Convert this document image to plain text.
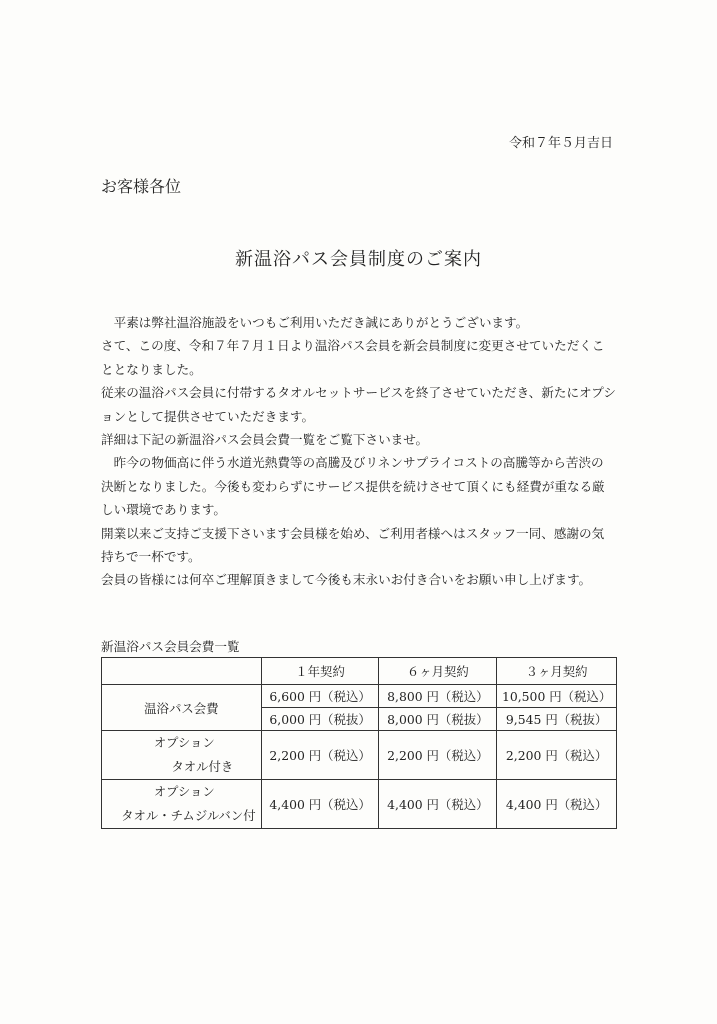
令和７年５月吉日
お客様各位
新温浴パス会員制度のご案内

平素は弊社温浴施設をいつもご利用いただき誠にありがとうございます。

さて、この度、令和７年７月１日より温浴パス会員を新会員制度に変更させていただくこととなりました。

従来の温浴パス会員に付帯するタオルセットサービスを終了させていただき、新たにオプションとして提供させていただきます。

詳細は下記の新温浴パス会員会費一覧をご覧下さいませ。

昨今の物価高に伴う水道光熱費等の高騰及びリネンサプライコストの高騰等から苦渋の決断となりました。今後も変わらずにサービス提供を続けさせて頂くにも経費が重なる厳しい環境であります。

開業以来ご支持ご支援下さいます会員様を始め、ご利用者様へはスタッフ一同、感謝の気持ちで一杯です。

会員の皆様には何卒ご理解頂きまして今後も末永いお付き合いをお願い申し上げます。

新温浴パス会員会費一覧
	１年契約	６ヶ月契約	３ヶ月契約
温浴パス会費	6,600 円（税込）	8,800 円（税込）	10,500 円（税込）
	6,000 円（税抜）	8,000 円（税抜）	9,545 円（税抜）
オプション
タオル付き	2,200 円（税込）	2,200 円（税込）	2,200 円（税込）
オプション
タオル・チムジルバン付	4,400 円（税込）	4,400 円（税込）	4,400 円（税込）
